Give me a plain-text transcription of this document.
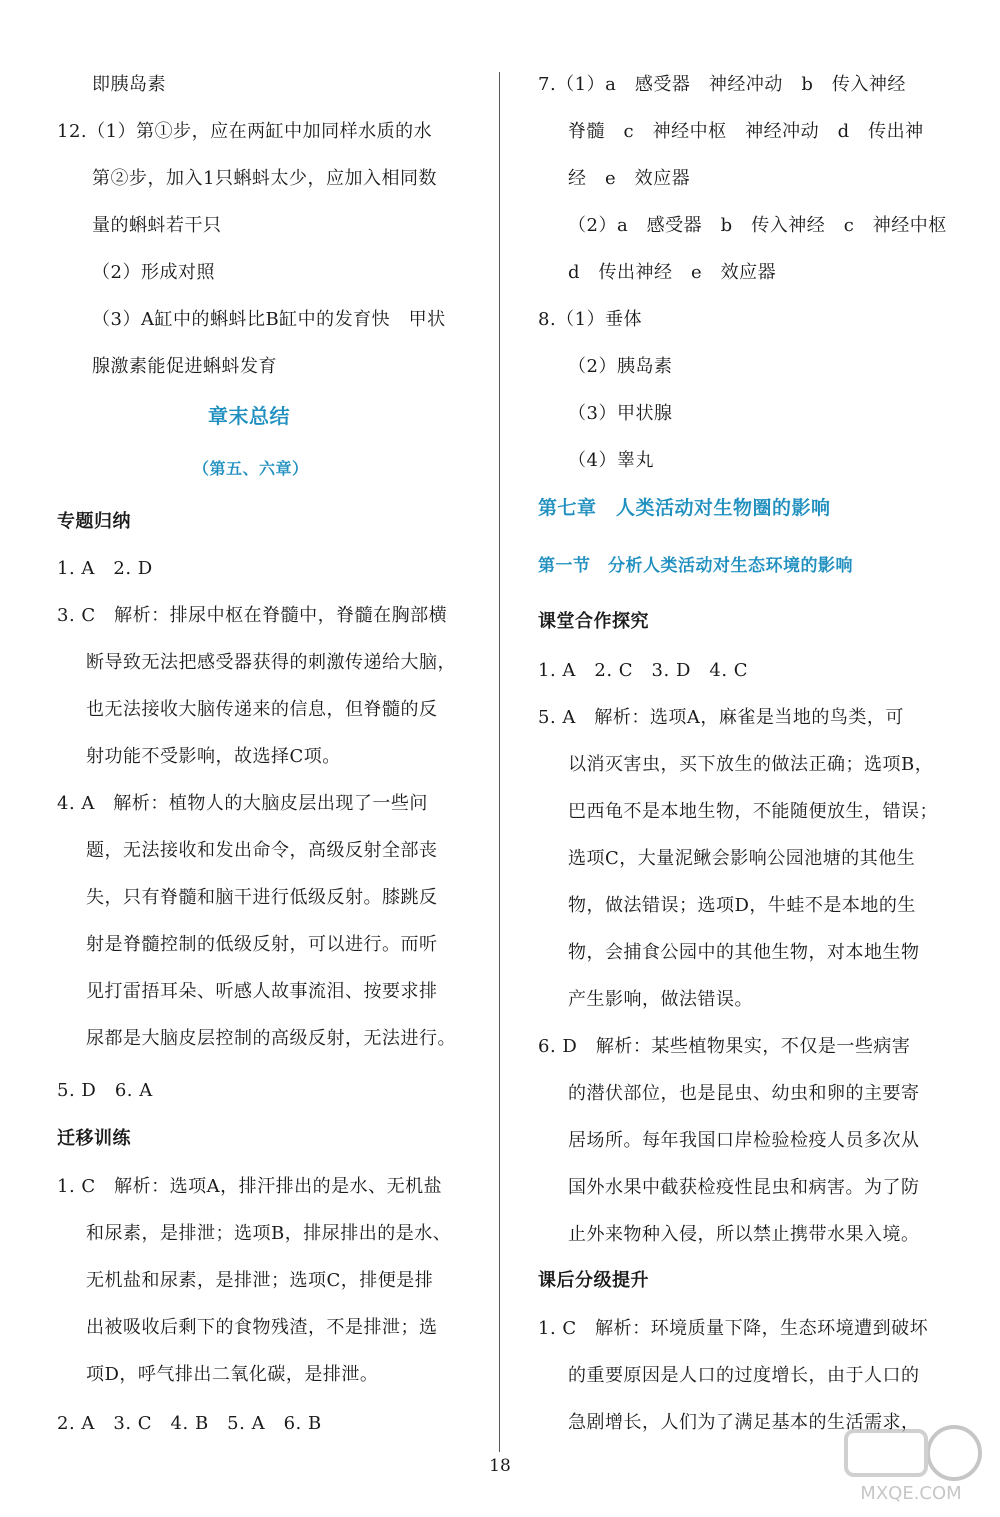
即胰岛素
12.（1）第①步，应在两缸中加同样水质的水
第②步，加入1只蝌蚪太少，应加入相同数
量的蝌蚪若干只
（2）形成对照
（3）A缸中的蝌蚪比B缸中的发育快　甲状
腺激素能促进蝌蚪发育
1. A　2. D
3. C　解析：排尿中枢在脊髓中，脊髓在胸部横
断导致无法把感受器获得的刺激传递给大脑，
也无法接收大脑传递来的信息，但脊髓的反
射功能不受影响，故选择C项。
4. A　解析：植物人的大脑皮层出现了一些问
题，无法接收和发出命令，高级反射全部丧
失，只有脊髓和脑干进行低级反射。膝跳反
射是脊髓控制的低级反射，可以进行。而听
见打雷捂耳朵、听感人故事流泪、按要求排
尿都是大脑皮层控制的高级反射，无法进行。
5. D　6. A
1. C　解析：选项A，排汗排出的是水、无机盐
和尿素，是排泄；选项B，排尿排出的是水、
无机盐和尿素，是排泄；选项C，排便是排
出被吸收后剩下的食物残渣，不是排泄；选
项D，呼气排出二氧化碳，是排泄。
2. A　3. C　4. B　5. A　6. B
专题归纳
迁移训练
章末总结
（第五、六章）
7.（1）a　感受器　神经冲动　b　传入神经
脊髓　c　神经中枢　神经冲动　d　传出神
经　e　效应器
（2）a　感受器　b　传入神经　c　神经中枢
d　传出神经　e　效应器
8.（1）垂体
（2）胰岛素
（3）甲状腺
（4）睾丸
1. A　2. C　3. D　4. C
5. A　解析：选项A，麻雀是当地的鸟类，可
以消灭害虫，买下放生的做法正确；选项B，
巴西龟不是本地生物，不能随便放生，错误；
选项C，大量泥鳅会影响公园池塘的其他生
物，做法错误；选项D，牛蛙不是本地的生
物，会捕食公园中的其他生物，对本地生物
产生影响，做法错误。
6. D　解析：某些植物果实，不仅是一些病害
的潜伏部位，也是昆虫、幼虫和卵的主要寄
居场所。每年我国口岸检验检疫人员多次从
国外水果中截获检疫性昆虫和病害。为了防
止外来物种入侵，所以禁止携带水果入境。
1. C　解析：环境质量下降，生态环境遭到破坏
的重要原因是人口的过度增长，由于人口的
急剧增长，人们为了满足基本的生活需求，
课堂合作探究
课后分级提升
第七章　人类活动对生物圈的影响
第一节　分析人类活动对生态环境的影响
18
MXQE.COM
